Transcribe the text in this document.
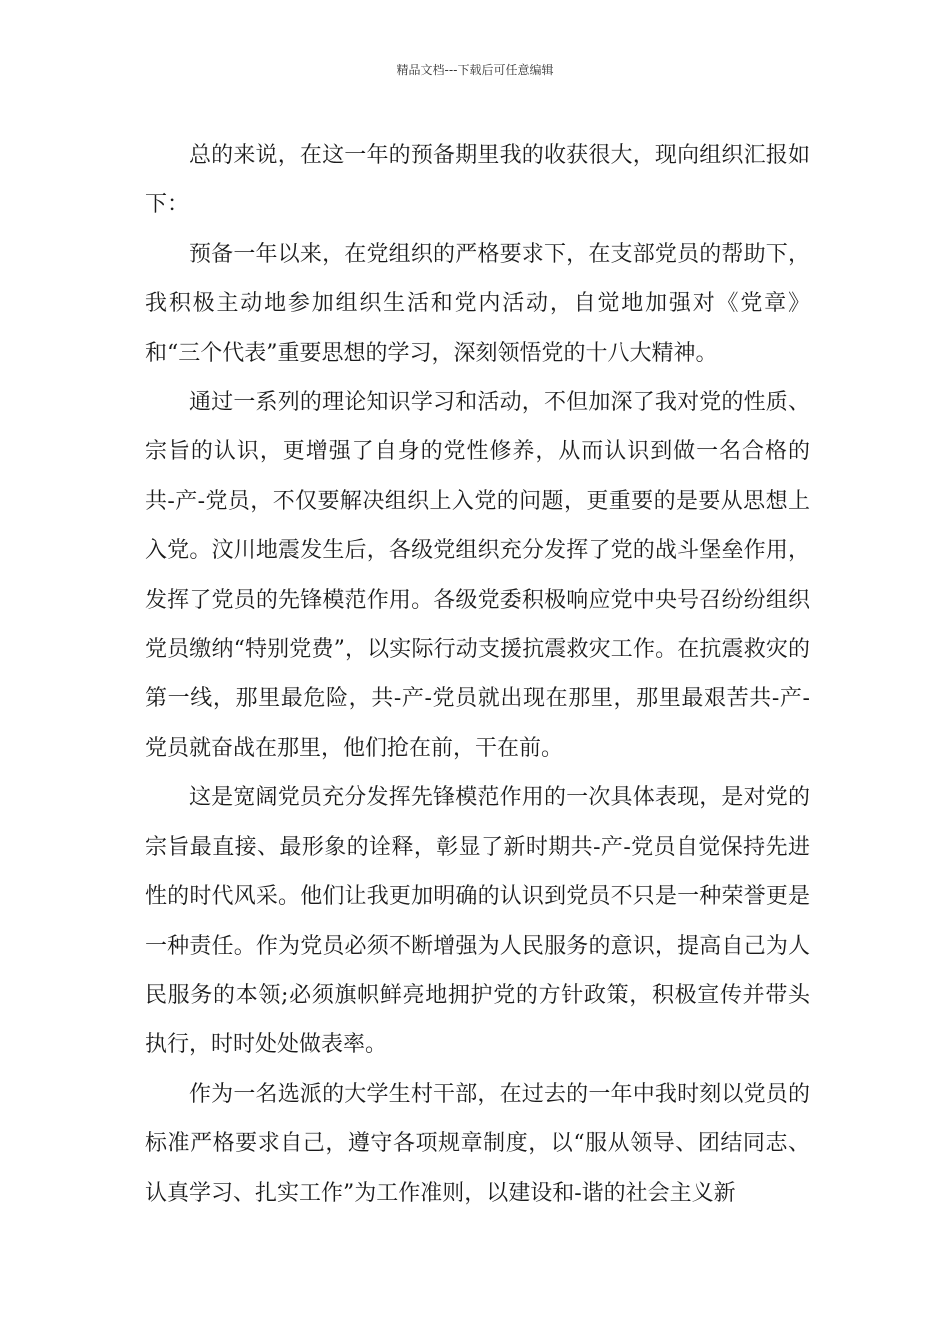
精品文档---下载后可任意编辑

总的来说，在这一年的预备期里我的收获很大，现向组织汇报如下：

预备一年以来，在党组织的严格要求下，在支部党员的帮助下，我积极主动地参加组织生活和党内活动，自觉地加强对《党章》和“三个代表”重要思想的学习，深刻领悟党的十八大精神。

通过一系列的理论知识学习和活动，不但加深了我对党的性质、宗旨的认识，更增强了自身的党性修养，从而认识到做一名合格的共-产-党员，不仅要解决组织上入党的问题，更重要的是要从思想上入党。汶川地震发生后，各级党组织充分发挥了党的战斗堡垒作用，发挥了党员的先锋模范作用。各级党委积极响应党中央号召纷纷组织党员缴纳“特别党费”，以实际行动支援抗震救灾工作。在抗震救灾的第一线，那里最危险，共-产-党员就出现在那里，那里最艰苦共-产-党员就奋战在那里，他们抢在前，干在前。

这是宽阔党员充分发挥先锋模范作用的一次具体表现，是对党的宗旨最直接、最形象的诠释，彰显了新时期共-产-党员自觉保持先进性的时代风采。他们让我更加明确的认识到党员不只是一种荣誉更是一种责任。作为党员必须不断增强为人民服务的意识，提高自己为人民服务的本领;必须旗帜鲜亮地拥护党的方针政策，积极宣传并带头执行，时时处处做表率。

作为一名选派的大学生村干部，在过去的一年中我时刻以党员的标准严格要求自己，遵守各项规章制度，以“服从领导、团结同志、认真学习、扎实工作”为工作准则，以建设和-谐的社会主义新
